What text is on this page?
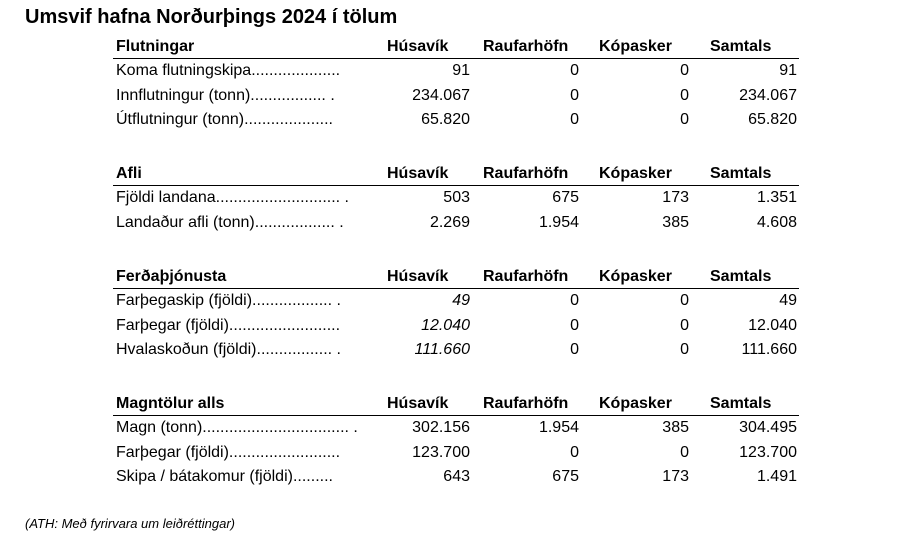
Umsvif hafna Norðurþings 2024 í tölum
Flutningar	Húsavík Raufarhöfn Kópasker Samtals
Koma flutningskipa....................	91	0	0	91
Innflutningur (tonn)................. .	234.067	0	0	234.067
Útflutningur (tonn)....................	65.820	0	0	65.820
Afli	Húsavík Raufarhöfn Kópasker Samtals
Fjöldi landana............................ .	503	675	173	1.351
Landaður afli (tonn).................. .	2.269	1.954	385	4.608
Ferðaþjónusta	Húsavík Raufarhöfn Kópasker Samtals
Farþegaskip (fjöldi).................. .	49	0	0	49
Farþegar (fjöldi).........................	12.040	0	0	12.040
Hvalaskoðun (fjöldi)................. .	111.660	0	0	111.660
Magntölur alls	Húsavík Raufarhöfn Kópasker Samtals
Magn (tonn)................................. .	302.156	1.954	385	304.495
Farþegar (fjöldi).........................	123.700	0	0	123.700
Skipa / bátakomur (fjöldi).........	643	675	173	1.491
(ATH: Með fyrirvara um leiðréttingar)
